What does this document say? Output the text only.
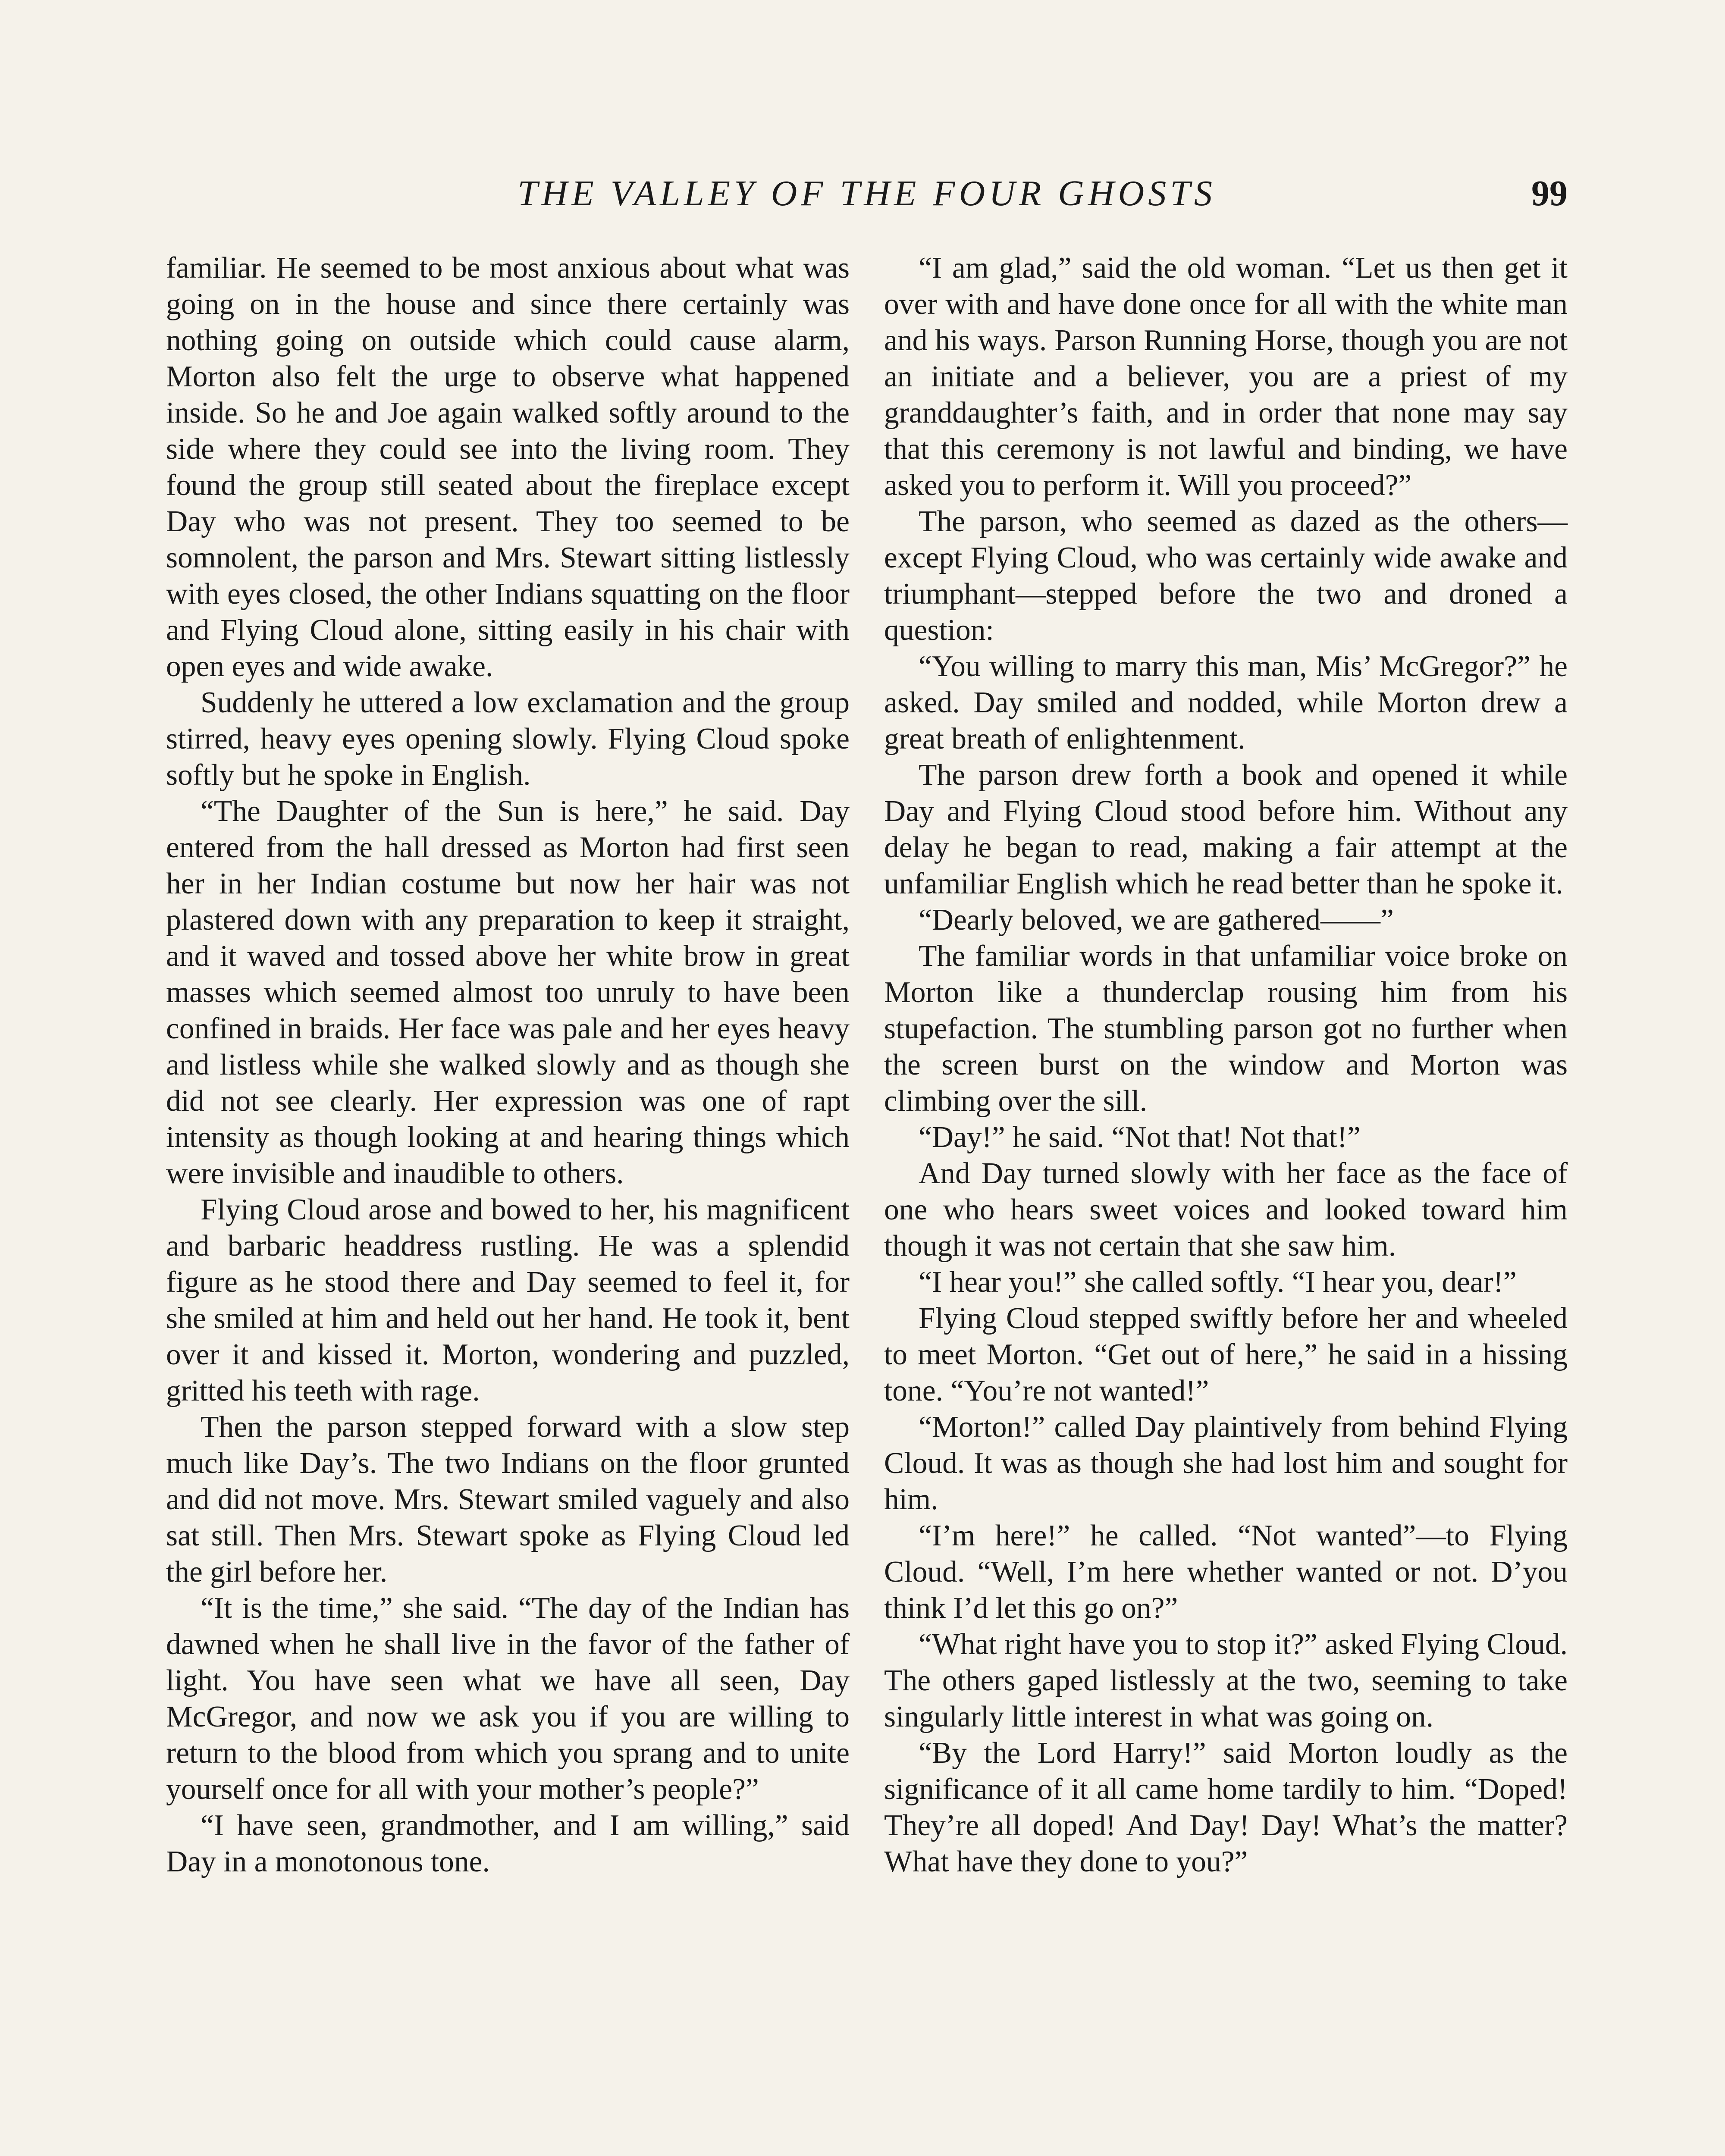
THE VALLEY OF THE FOUR GHOSTS	99

familiar. He seemed to be most anxious about what was going on in the house and since there certainly was nothing going on outside which could cause alarm, Morton also felt the urge to observe what happened inside. So he and Joe again walked softly around to the side where they could see into the living room. They found the group still seated about the fireplace except Day who was not present. They too seemed to be somnolent, the parson and Mrs. Stewart sitting listlessly with eyes closed, the other Indians squatting on the floor and Flying Cloud alone, sitting easily in his chair with open eyes and wide awake.

Suddenly he uttered a low exclamation and the group stirred, heavy eyes opening slowly. Flying Cloud spoke softly but he spoke in English.

“The Daughter of the Sun is here,” he said. Day entered from the hall dressed as Morton had first seen her in her Indian costume but now her hair was not plastered down with any preparation to keep it straight, and it waved and tossed above her white brow in great masses which seemed almost too unruly to have been confined in braids. Her face was pale and her eyes heavy and listless while she walked slowly and as though she did not see clearly. Her expression was one of rapt intensity as though looking at and hearing things which were invisible and inaudible to others.

Flying Cloud arose and bowed to her, his magnificent and barbaric headdress rustling. He was a splendid figure as he stood there and Day seemed to feel it, for she smiled at him and held out her hand. He took it, bent over it and kissed it. Morton, wondering and puzzled, gritted his teeth with rage.

Then the parson stepped forward with a slow step much like Day’s. The two Indians on the floor grunted and did not move. Mrs. Stewart smiled vaguely and also sat still. Then Mrs. Stewart spoke as Flying Cloud led the girl before her.

“It is the time,” she said. “The day of the Indian has dawned when he shall live in the favor of the father of light. You have seen what we have all seen, Day McGregor, and now we ask you if you are willing to return to the blood from which you sprang and to unite yourself once for all with your mother’s people?”

“I have seen, grandmother, and I am willing,” said Day in a monotonous tone.

“I am glad,” said the old woman. “Let us then get it over with and have done once for all with the white man and his ways. Parson Running Horse, though you are not an initiate and a believer, you are a priest of my granddaughter’s faith, and in order that none may say that this ceremony is not lawful and binding, we have asked you to perform it. Will you proceed?”

The parson, who seemed as dazed as the others—except Flying Cloud, who was certainly wide awake and triumphant—stepped before the two and droned a question:

“You willing to marry this man, Mis’ McGregor?” he asked. Day smiled and nodded, while Morton drew a great breath of enlightenment.

The parson drew forth a book and opened it while Day and Flying Cloud stood before him. Without any delay he began to read, making a fair attempt at the unfamiliar English which he read better than he spoke it.

“Dearly beloved, we are gathered——”

The familiar words in that unfamiliar voice broke on Morton like a thunderclap rousing him from his stupefaction. The stumbling parson got no further when the screen burst on the window and Morton was climbing over the sill.

“Day!” he said. “Not that! Not that!”

And Day turned slowly with her face as the face of one who hears sweet voices and looked toward him though it was not certain that she saw him.

“I hear you!” she called softly. “I hear you, dear!”

Flying Cloud stepped swiftly before her and wheeled to meet Morton. “Get out of here,” he said in a hissing tone. “You’re not wanted!”

“Morton!” called Day plaintively from behind Flying Cloud. It was as though she had lost him and sought for him.

“I’m here!” he called. “Not wanted”—to Flying Cloud. “Well, I’m here whether wanted or not. D’you think I’d let this go on?”

“What right have you to stop it?” asked Flying Cloud. The others gaped listlessly at the two, seeming to take singularly little interest in what was going on.

“By the Lord Harry!” said Morton loudly as the significance of it all came home tardily to him. “Doped! They’re all doped! And Day! Day! What’s the matter? What have they done to you?”
